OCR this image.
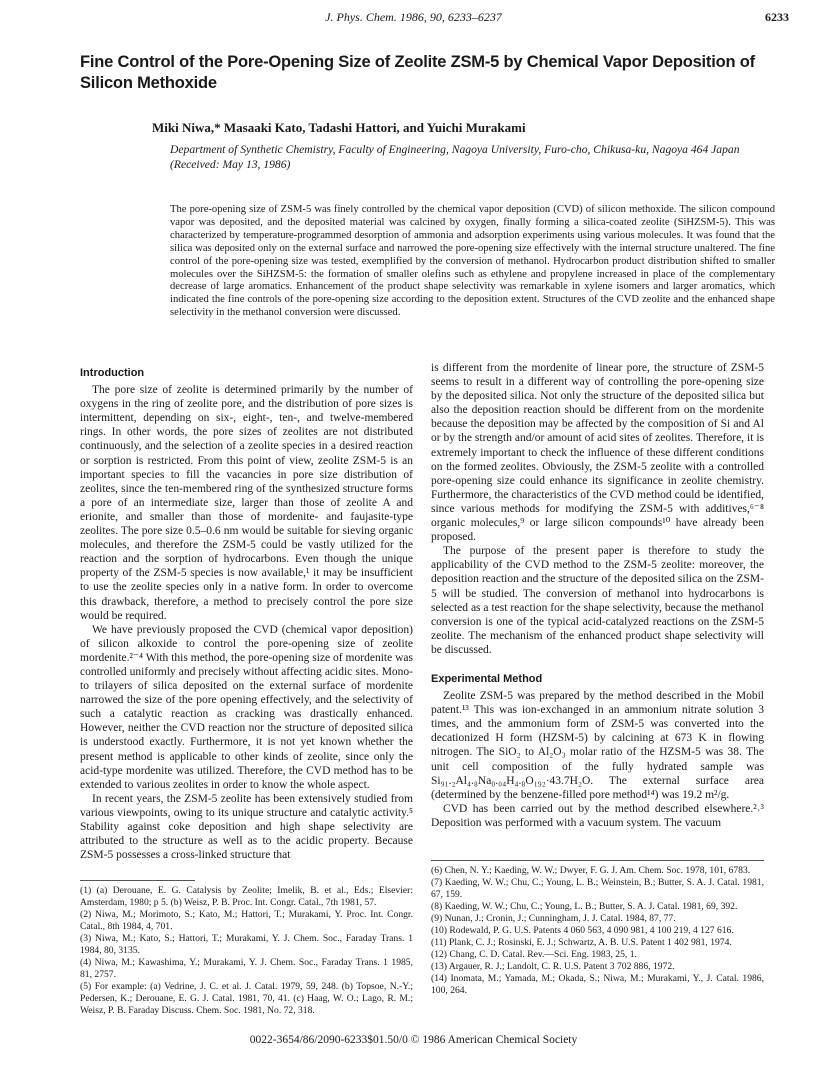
J. Phys. Chem. 1986, 90, 6233–6237	6233
Fine Control of the Pore-Opening Size of Zeolite ZSM-5 by Chemical Vapor Deposition of Silicon Methoxide
Miki Niwa,* Masaaki Kato, Tadashi Hattori, and Yuichi Murakami
Department of Synthetic Chemistry, Faculty of Engineering, Nagoya University, Furo-cho, Chikusa-ku, Nagoya 464 Japan (Received: May 13, 1986)
The pore-opening size of ZSM-5 was finely controlled by the chemical vapor deposition (CVD) of silicon methoxide. The silicon compound vapor was deposited, and the deposited material was calcined by oxygen, finally forming a silica-coated zeolite (SiHZSM-5). This was characterized by temperature-programmed desorption of ammonia and adsorption experiments using various molecules. It was found that the silica was deposited only on the external surface and narrowed the pore-opening size effectively with the internal structure unaltered. The fine control of the pore-opening size was tested, exemplified by the conversion of methanol. Hydrocarbon product distribution shifted to smaller molecules over the SiHZSM-5: the formation of smaller olefins such as ethylene and propylene increased in place of the complementary decrease of large aromatics. Enhancement of the product shape selectivity was remarkable in xylene isomers and larger aromatics, which indicated the fine controls of the pore-opening size according to the deposition extent. Structures of the CVD zeolite and the enhanced shape selectivity in the methanol conversion were discussed.
Introduction

The pore size of zeolite is determined primarily by the number of oxygens in the ring of zeolite pore, and the distribution of pore sizes is intermittent, depending on six-, eight-, ten-, and twelve-membered rings. In other words, the pore sizes of zeolites are not distributed continuously, and the selection of a zeolite species in a desired reaction or sorption is restricted. From this point of view, zeolite ZSM-5 is an important species to fill the vacancies in pore size distribution of zeolites, since the ten-membered ring of the synthesized structure forms a pore of an intermediate size, larger than those of zeolite A and erionite, and smaller than those of mordenite- and faujasite-type zeolites. The pore size 0.5–0.6 nm would be suitable for sieving organic molecules, and therefore the ZSM-5 could be vastly utilized for the reaction and the sorption of hydrocarbons. Even though the unique property of the ZSM-5 species is now available,¹ it may be insufficient to use the zeolite species only in a native form. In order to overcome this drawback, therefore, a method to precisely control the pore size would be required.

We have previously proposed the CVD (chemical vapor deposition) of silicon alkoxide to control the pore-opening size of zeolite mordenite.²⁻⁴ With this method, the pore-opening size of mordenite was controlled uniformly and precisely without affecting acidic sites. Mono- to trilayers of silica deposited on the external surface of mordenite narrowed the size of the pore opening effectively, and the selectivity of such a catalytic reaction as cracking was drastically enhanced. However, neither the CVD reaction nor the structure of deposited silica is understood exactly. Furthermore, it is not yet known whether the present method is applicable to other kinds of zeolite, since only the acid-type mordenite was utilized. Therefore, the CVD method has to be extended to various zeolites in order to know the whole aspect.

In recent years, the ZSM-5 zeolite has been extensively studied from various viewpoints, owing to its unique structure and catalytic activity.⁵ Stability against coke deposition and high shape selectivity are attributed to the structure as well as to the acidic property. Because ZSM-5 possesses a cross-linked structure that

is different from the mordenite of linear pore, the structure of ZSM-5 seems to result in a different way of controlling the pore-opening size by the deposited silica. Not only the structure of the deposited silica but also the deposition reaction should be different from on the mordenite because the deposition may be affected by the composition of Si and Al or by the strength and/or amount of acid sites of zeolites. Therefore, it is extremely important to check the influence of these different conditions on the formed zeolites. Obviously, the ZSM-5 zeolite with a controlled pore-opening size could enhance its significance in zeolite chemistry. Furthermore, the characteristics of the CVD method could be identified, since various methods for modifying the ZSM-5 with additives,⁶⁻⁸ organic molecules,⁹ or large silicon compounds¹⁰ have already been proposed.

The purpose of the present paper is therefore to study the applicability of the CVD method to the ZSM-5 zeolite: moreover, the deposition reaction and the structure of the deposited silica on the ZSM-5 will be studied. The conversion of methanol into hydrocarbons is selected as a test reaction for the shape selectivity, because the methanol conversion is one of the typical acid-catalyzed reactions on the ZSM-5 zeolite. The mechanism of the enhanced product shape selectivity will be discussed.

Experimental Method

Zeolite ZSM-5 was prepared by the method described in the Mobil patent.¹³ This was ion-exchanged in an ammonium nitrate solution 3 times, and the ammonium form of ZSM-5 was converted into the decationized H form (HZSM-5) by calcining at 673 K in flowing nitrogen. The SiO₂ to Al₂O₃ molar ratio of the HZSM-5 was 38. The unit cell composition of the fully hydrated sample was Si₉₁.₂Al₄.₈Na₀.₀₄H₄.₈O₁₉₂·43.7H₂O. The external surface area (determined by the benzene-filled pore method¹⁴) was 19.2 m²/g.

CVD has been carried out by the method described elsewhere.²˒³ Deposition was performed with a vacuum system. The vacuum

(1) (a) Derouane, E. G. Catalysis by Zeolite; Imelik, B. et al., Eds.; Elsevier: Amsterdam, 1980; p 5. (b) Weisz, P. B. Proc. Int. Congr. Catal., 7th 1981, 57.
(2) Niwa, M.; Morimoto, S.; Kato, M.; Hattori, T.; Murakami, Y. Proc. Int. Congr. Catal., 8th 1984, 4, 701.
(3) Niwa, M.; Kato, S.; Hattori, T.; Murakami, Y. J. Chem. Soc., Faraday Trans. 1 1984, 80, 3135.
(4) Niwa, M.; Kawashima, Y.; Murakami, Y. J. Chem. Soc., Faraday Trans. 1 1985, 81, 2757.
(5) For example: (a) Vedrine, J. C. et al. J. Catal. 1979, 59, 248. (b) Topsoe, N.-Y.; Pedersen, K.; Derouane, E. G. J. Catal. 1981, 70, 41. (c) Haag, W. O.; Lago, R. M.; Weisz, P. B. Faraday Discuss. Chem. Soc. 1981, No. 72, 318.
(6) Chen, N. Y.; Kaeding, W. W.; Dwyer, F. G. J. Am. Chem. Soc. 1978, 101, 6783.
(7) Kaeding, W. W.; Chu, C.; Young, L. B.; Weinstein, B.; Butter, S. A. J. Catal. 1981, 67, 159.
(8) Kaeding, W. W.; Chu, C.; Young, L. B.; Butter, S. A. J. Catal. 1981, 69, 392.
(9) Nunan, J.; Cronin, J.; Cunningham, J. J. Catal. 1984, 87, 77.
(10) Rodewald, P. G. U.S. Patents 4 060 563, 4 090 981, 4 100 219, 4 127 616.
(11) Plank, C. J.; Rosinski, E. J.; Schwartz, A. B. U.S. Patent 1 402 981, 1974.
(12) Chang, C. D. Catal. Rev.—Sci. Eng. 1983, 25, 1.
(13) Argauer, R. J.; Landolt, C. R. U.S. Patent 3 702 886, 1972.
(14) Inomata, M.; Yamada, M.; Okada, S.; Niwa, M.; Murakami, Y., J. Catal. 1986, 100, 264.
0022-3654/86/2090-6233$01.50/0 © 1986 American Chemical Society
